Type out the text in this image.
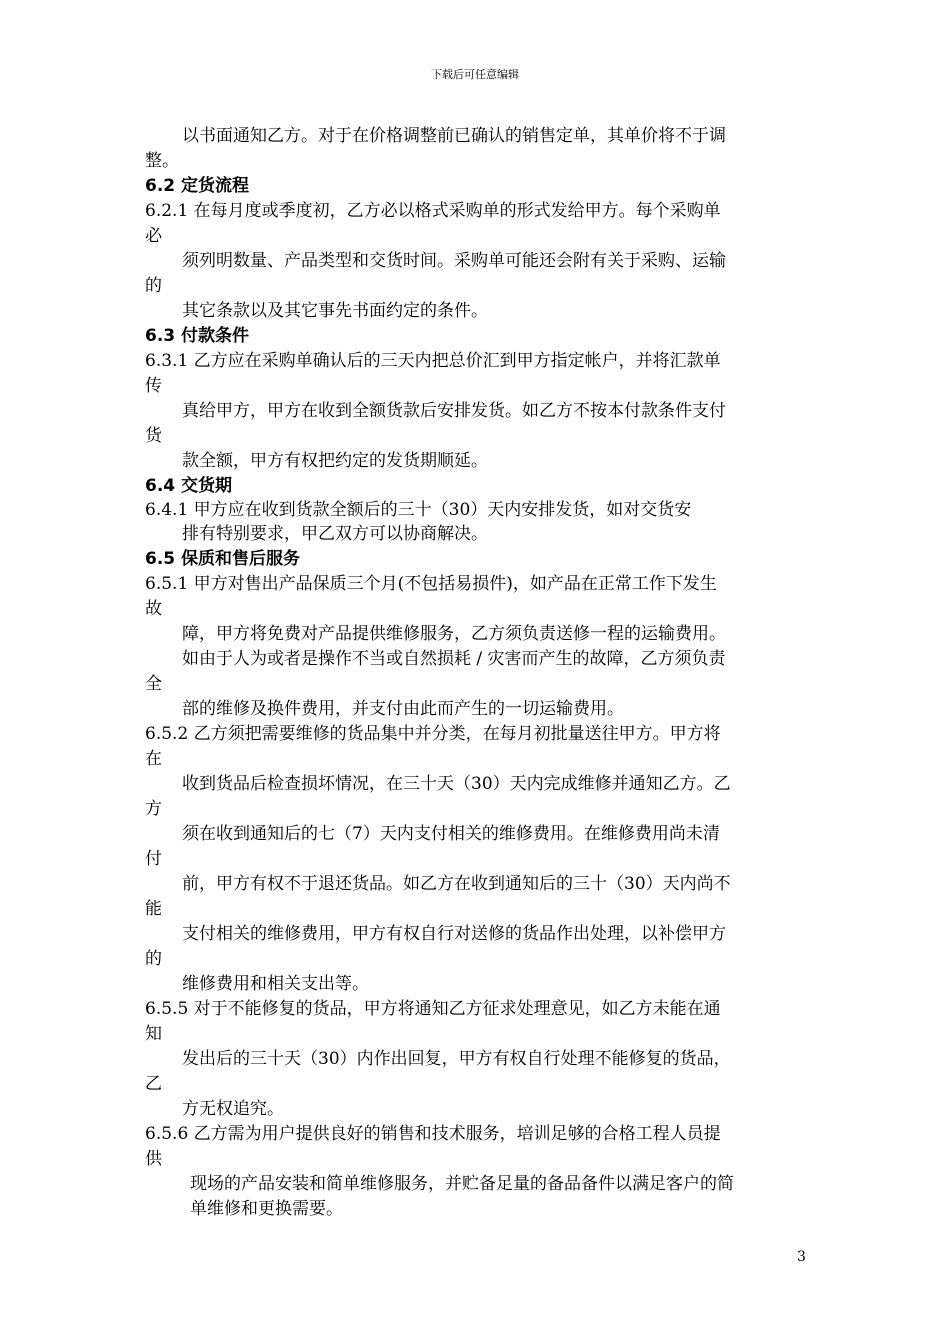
下载后可任意编辑
以书面通知乙方。对于在价格调整前已确认的销售定单，其单价将不于调
整。
6.2 定货流程
6.2.1 在每月度或季度初，乙方必以格式采购单的形式发给甲方。每个采购单
必
须列明数量、产品类型和交货时间。采购单可能还会附有关于采购、运输
的
其它条款以及其它事先书面约定的条件。
6.3 付款条件
6.3.1 乙方应在采购单确认后的三天内把总价汇到甲方指定帐户，并将汇款单
传
真给甲方，甲方在收到全额货款后安排发货。如乙方不按本付款条件支付
货
款全额，甲方有权把约定的发货期顺延。
6.4 交货期
6.4.1 甲方应在收到货款全额后的三十（30）天内安排发货，如对交货安
排有特别要求，甲乙双方可以协商解决。
6.5 保质和售后服务
6.5.1 甲方对售出产品保质三个月(不包括易损件)，如产品在正常工作下发生
故
障，甲方将免费对产品提供维修服务，乙方须负责送修一程的运输费用。
如由于人为或者是操作不当或自然损耗 / 灾害而产生的故障，乙方须负责
全
部的维修及换件费用，并支付由此而产生的一切运输费用。
6.5.2 乙方须把需要维修的货品集中并分类，在每月初批量送往甲方。甲方将
在
收到货品后检查损坏情况，在三十天（30）天内完成维修并通知乙方。乙
方
须在收到通知后的七（7）天内支付相关的维修费用。在维修费用尚未清
付
前，甲方有权不于退还货品。如乙方在收到通知后的三十（30）天内尚不
能
支付相关的维修费用，甲方有权自行对送修的货品作出处理，以补偿甲方
的
维修费用和相关支出等。
6.5.5 对于不能修复的货品，甲方将通知乙方征求处理意见，如乙方未能在通
知
发出后的三十天（30）内作出回复，甲方有权自行处理不能修复的货品，
乙
方无权追究。
6.5.6 乙方需为用户提供良好的销售和技术服务，培训足够的合格工程人员提
供
现场的产品安装和简单维修服务，并贮备足量的备品备件以满足客户的简
单维修和更换需要。
3
